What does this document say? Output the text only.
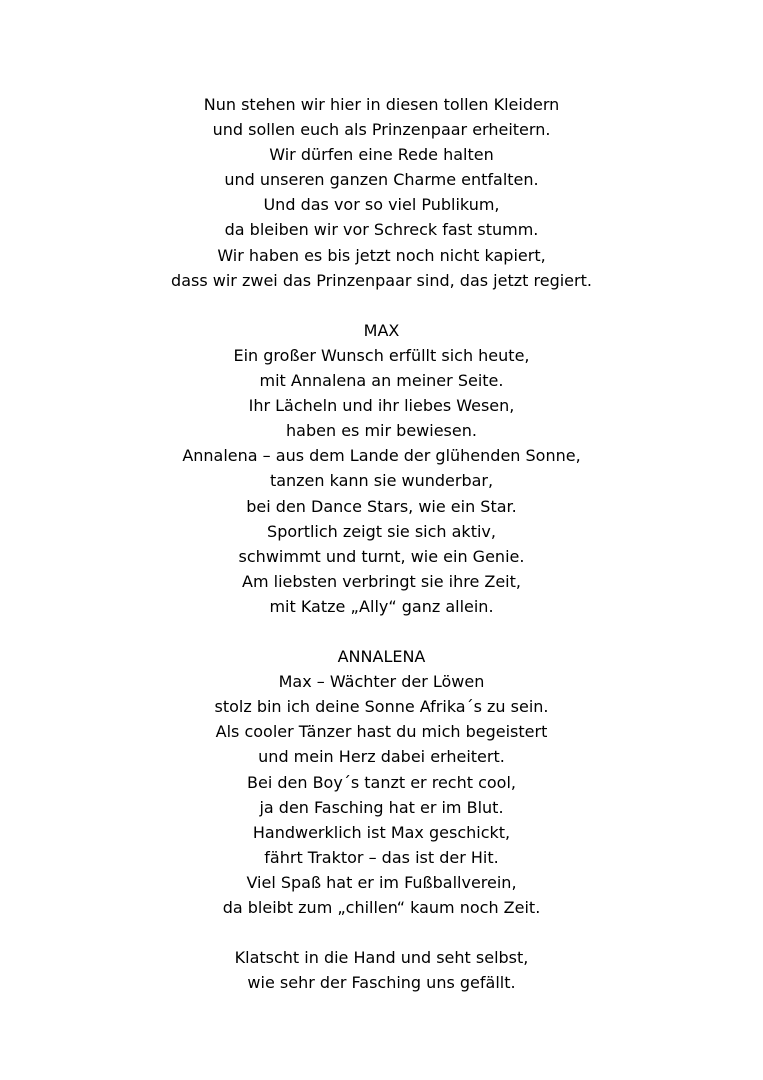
Nun stehen wir hier in diesen tollen Kleidern
und sollen euch als Prinzenpaar erheitern.
Wir dürfen eine Rede halten
und unseren ganzen Charme entfalten.
Und das vor so viel Publikum,
da bleiben wir vor Schreck fast stumm.
Wir haben es bis jetzt noch nicht kapiert,
dass wir zwei das Prinzenpaar sind, das jetzt regiert.
MAX
Ein großer Wunsch erfüllt sich heute,
mit Annalena an meiner Seite.
Ihr Lächeln und ihr liebes Wesen,
haben es mir bewiesen.
Annalena – aus dem Lande der glühenden Sonne,
tanzen kann sie wunderbar,
bei den Dance Stars, wie ein Star.
Sportlich zeigt sie sich aktiv,
schwimmt und turnt, wie ein Genie.
Am liebsten verbringt sie ihre Zeit,
mit Katze „Ally“ ganz allein.
ANNALENA
Max – Wächter der Löwen
stolz bin ich deine Sonne Afrika´s zu sein.
Als cooler Tänzer hast du mich begeistert
und mein Herz dabei erheitert.
Bei den Boy´s tanzt er recht cool,
ja den Fasching hat er im Blut.
Handwerklich ist Max geschickt,
fährt Traktor – das ist der Hit.
Viel Spaß hat er im Fußballverein,
da bleibt zum „chillen“ kaum noch Zeit.
Klatscht in die Hand und seht selbst,
wie sehr der Fasching uns gefällt.
